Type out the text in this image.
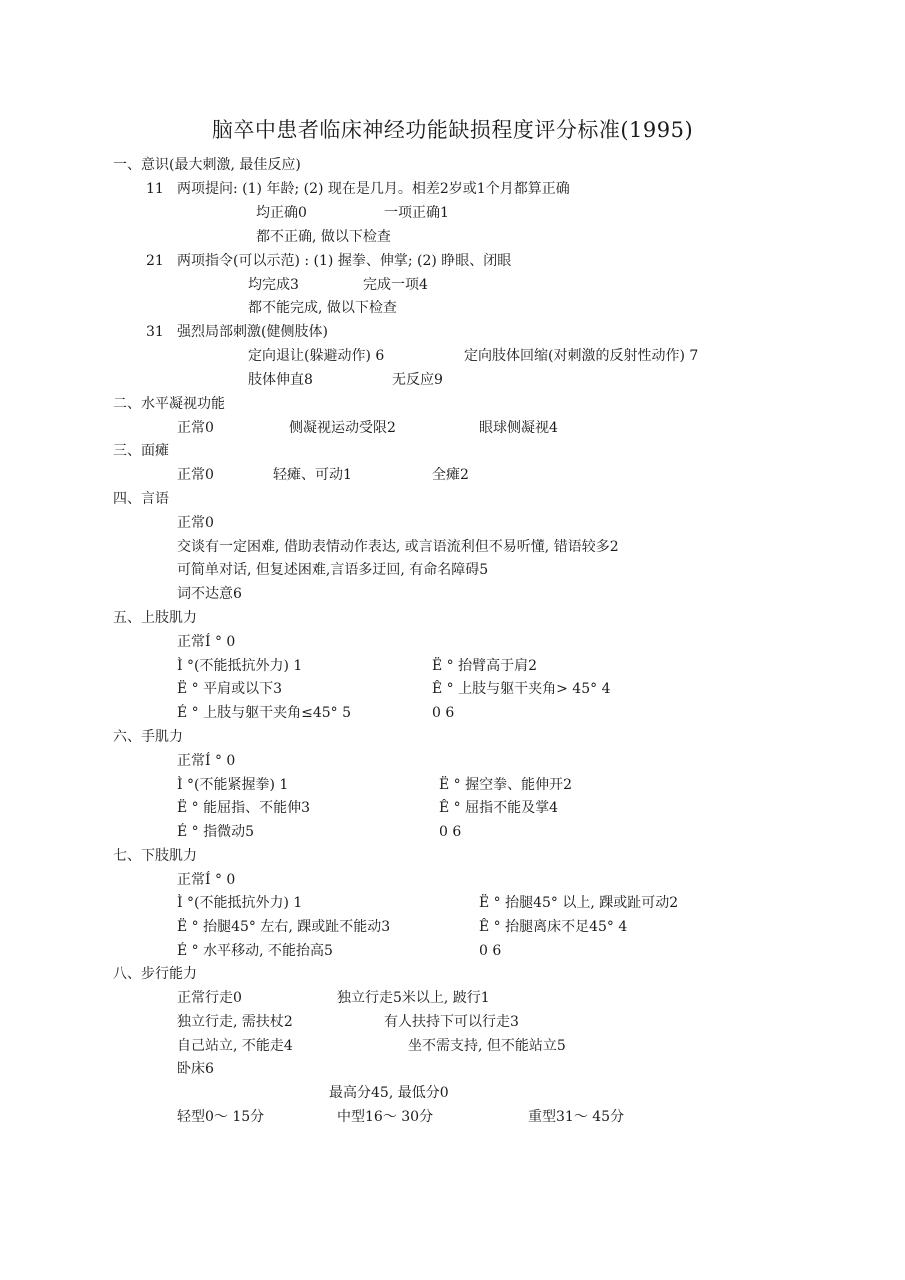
脑卒中患者临床神经功能缺损程度评分标准(1995)
一、意识(最大刺激, 最佳反应)
11 两项提问: (1) 年龄; (2) 现在是几月。相差2岁或1个月都算正确
均正确0	一项正确1
都不正确, 做以下检查
21 两项指令(可以示范) : (1) 握拳、伸掌; (2) 睁眼、闭眼
均完成3	完成一项4
都不能完成, 做以下检查
31 强烈局部刺激(健侧肢体)
定向退让(躲避动作) 6	定向肢体回缩(对刺激的反射性动作) 7
肢体伸直8	无反应9
二、水平凝视功能
正常0	侧凝视运动受限2	眼球侧凝视4
三、面瘫
正常0	轻瘫、可动1	全瘫2
四、言语
正常0
交谈有一定困难, 借助表情动作表达, 或言语流利但不易听懂, 错语较多2
可简单对话, 但复述困难,言语多迂回, 有命名障碍5
词不达意6
五、上肢肌力
正常Í ° 0
Ì °(不能抵抗外力) 1	Ë ° 抬臂高于肩2
Ë ° 平肩或以下3	Ê ° 上肢与躯干夹角> 45° 4
É ° 上肢与躯干夹角≤45° 5	0 6
六、手肌力
正常Í ° 0
Ì °(不能紧握拳) 1	Ë ° 握空拳、能伸开2
Ë ° 能屈指、不能伸3	Ê ° 屈指不能及掌4
É ° 指微动5	0 6
七、下肢肌力
正常Í ° 0
Ì °(不能抵抗外力) 1	Ë ° 抬腿45° 以上, 踝或趾可动2
Ë ° 抬腿45° 左右, 踝或趾不能动3	Ê ° 抬腿离床不足45° 4
É ° 水平移动, 不能抬高5	0 6
八、步行能力
正常行走0	独立行走5米以上, 跛行1
独立行走, 需扶杖2	有人扶持下可以行走3
自己站立, 不能走4	坐不需支持, 但不能站立5
卧床6
最高分45, 最低分0
轻型0～ 15分	中型16～ 30分	重型31～ 45分
